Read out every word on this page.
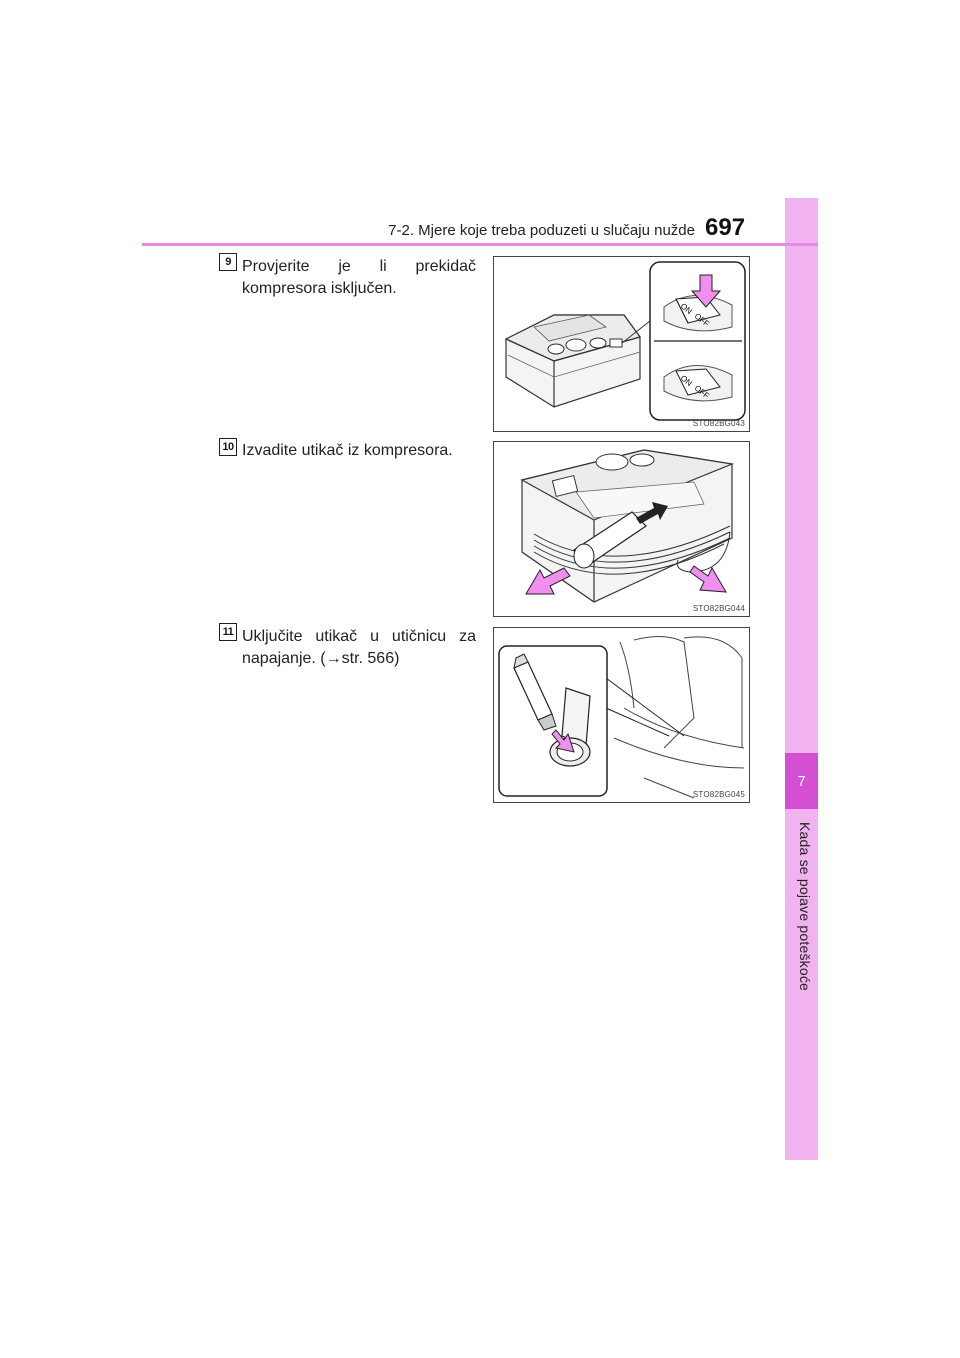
7
Kada se pojave poteškoće
7-2. Mjere koje treba poduzeti u slučaju nužde 697
9 Provjerite je li prekidač
kompresora isključen.
ON
OFF
ON
OFF
STO82BG043
10 Izvadite utikač iz kompresora.
STO82BG044
11 Uključite utikač u utičnicu za
napajanje. (→str. 566)
STO82BG045
